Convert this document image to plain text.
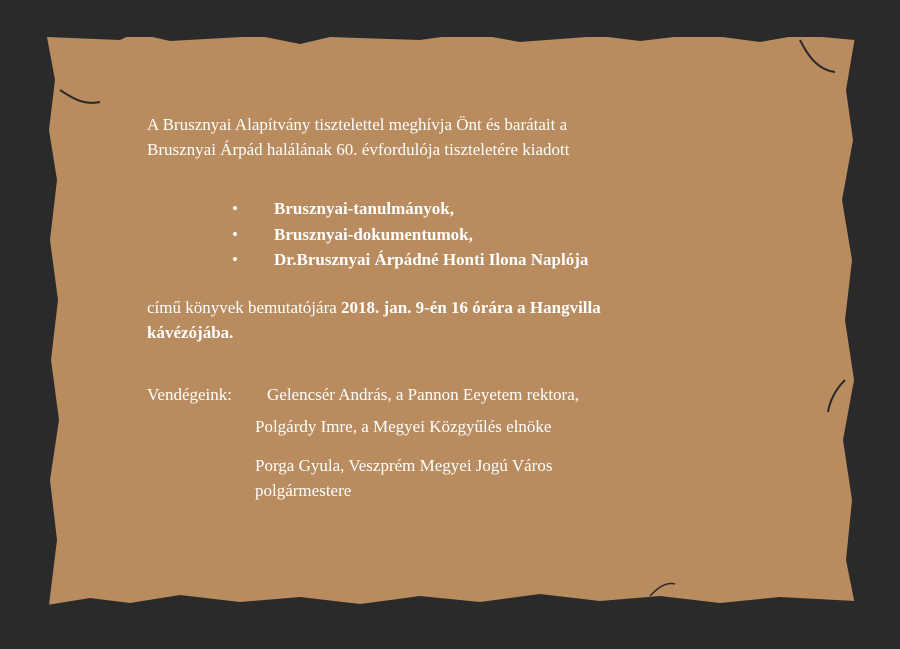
A Brusznyai Alapítvány tisztelettel meghívja Önt és barátait a
Brusznyai Árpád halálának 60. évfordulója tiszteletére kiadott
• Brusznyai-tanulmányok,
• Brusznyai-dokumentumok,
• Dr.Brusznyai Árpádné Honti Ilona Naplója
című könyvek bemutatójára 2018. jan. 9-én 16 órára a Hangvilla
kávézójába.
Vendégeink: Gelencsér András, a Pannon Eeyetem rektora,
Polgárdy Imre, a Megyei Közgyűlés elnöke
Porga Gyula, Veszprém Megyei Jogú Város
polgármestere
